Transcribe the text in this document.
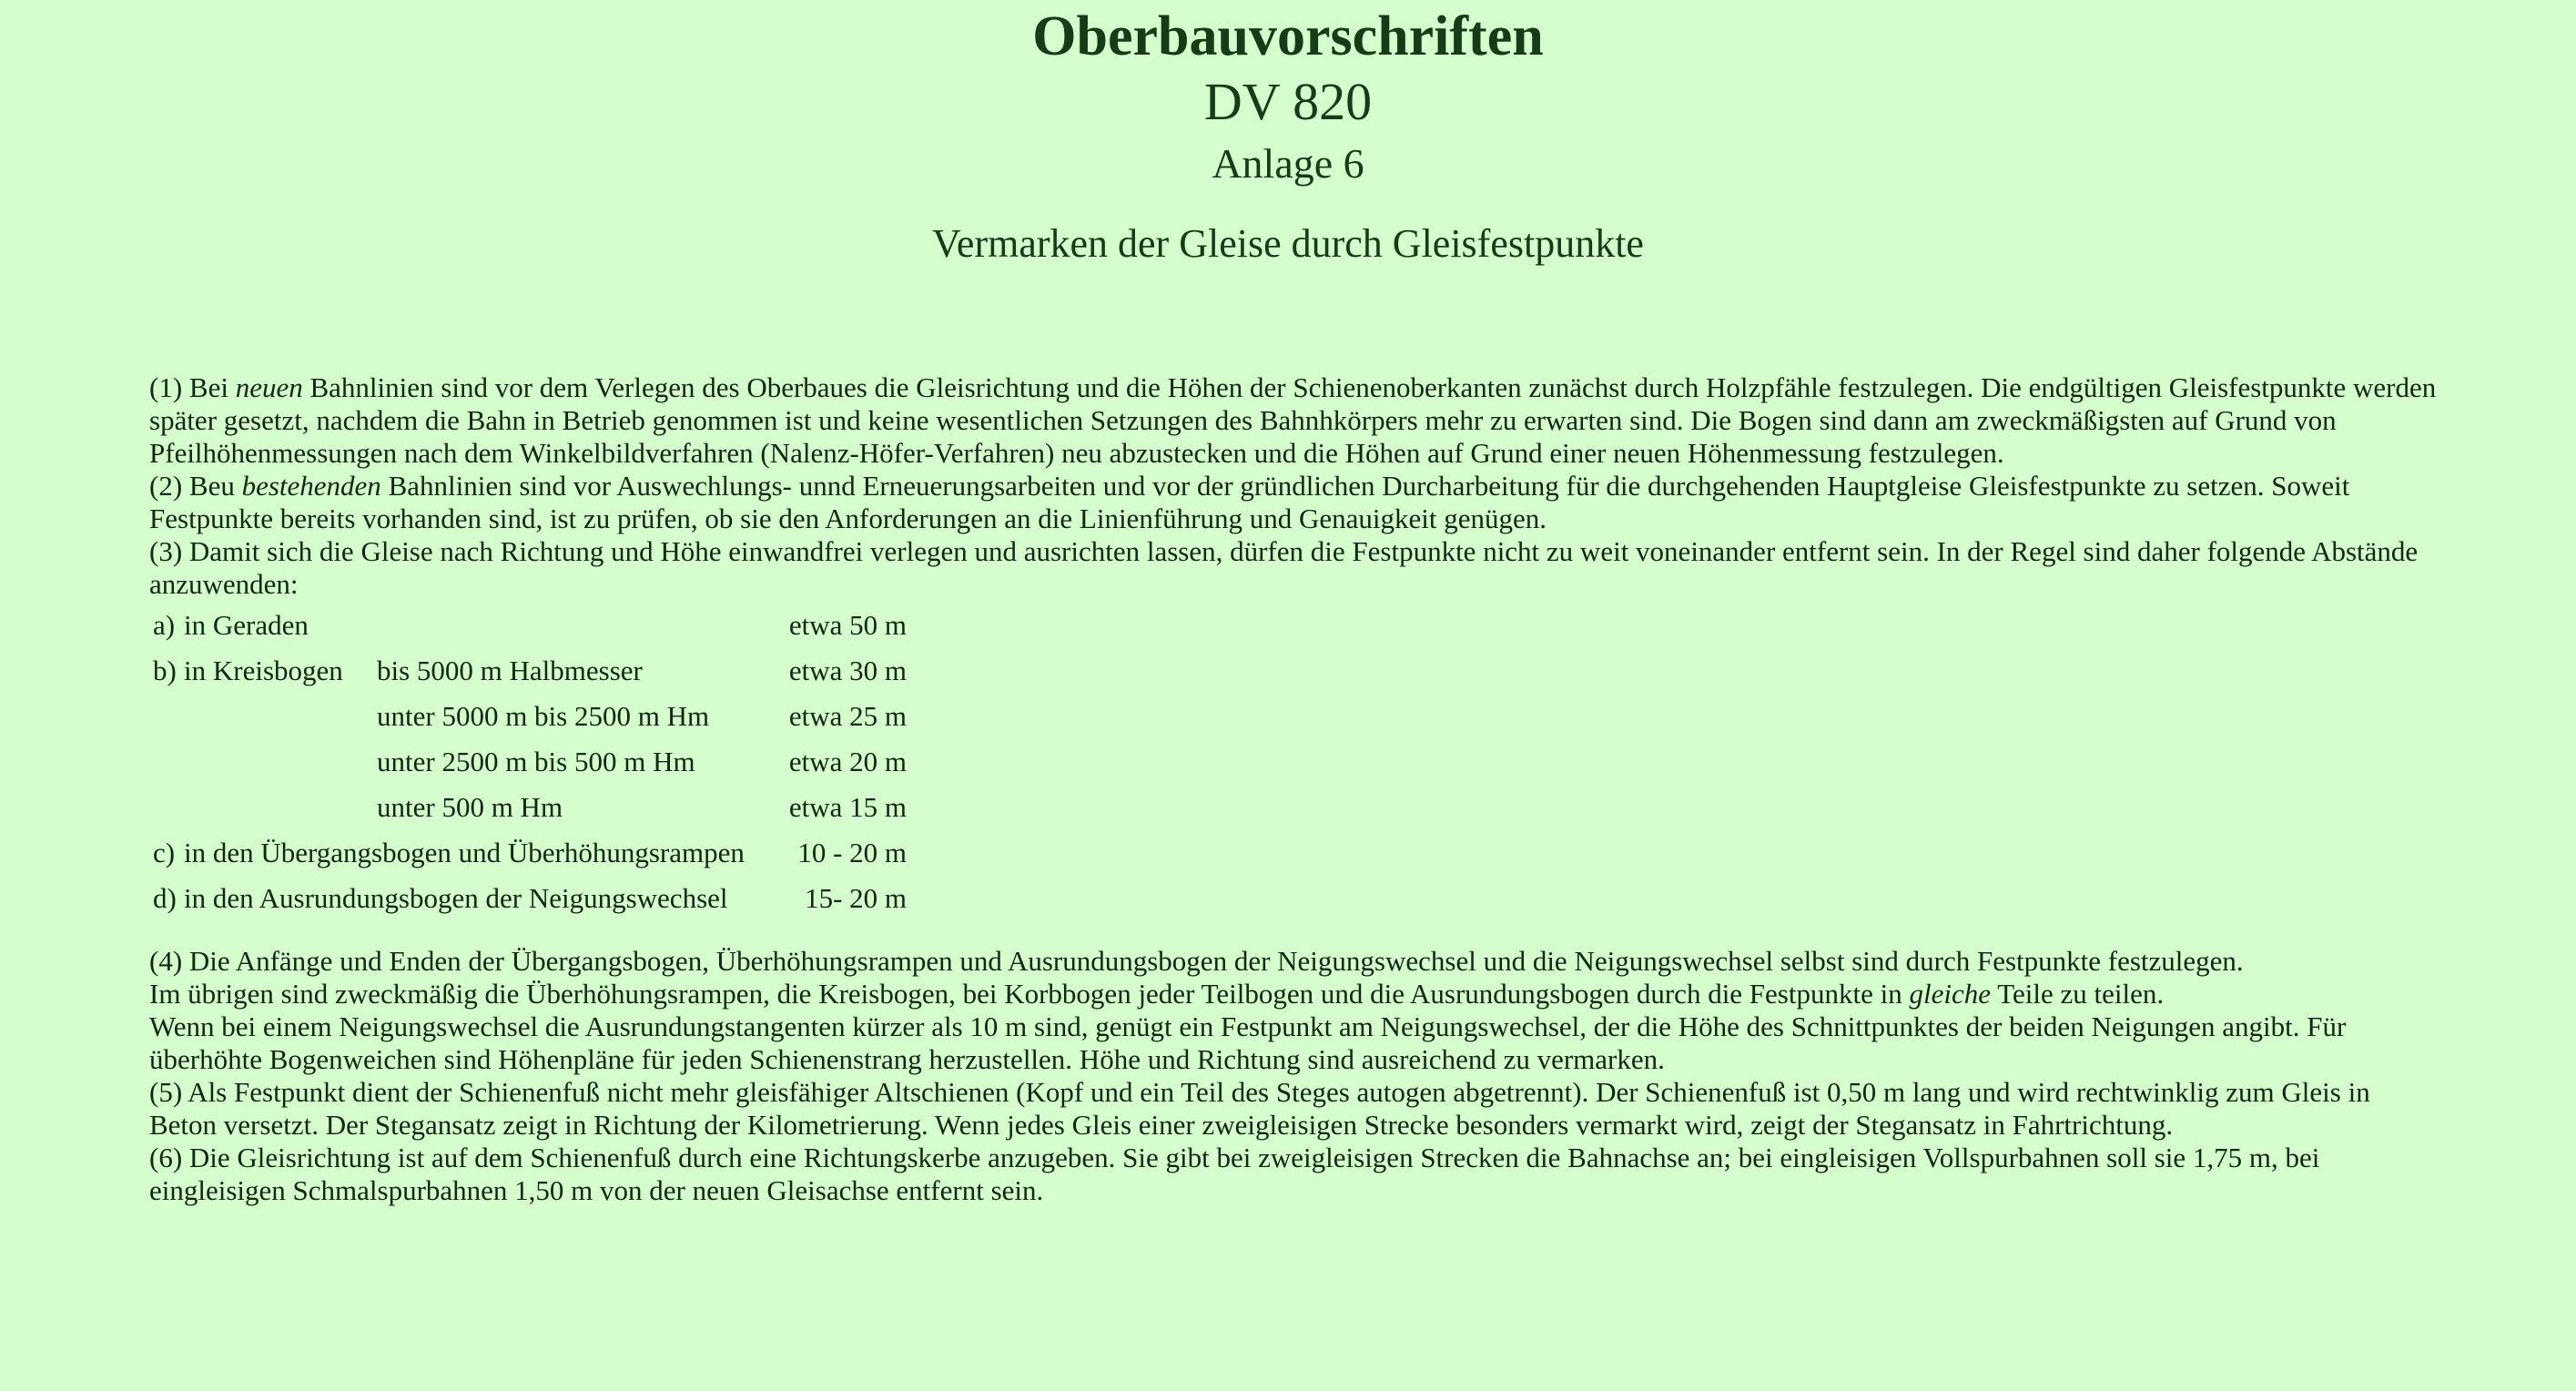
Oberbauvorschriften
DV 820
Anlage 6
Vermarken der Gleise durch Gleisfestpunkte

(1) Bei neuen Bahnlinien sind vor dem Verlegen des Oberbaues die Gleisrichtung und die Höhen der Schienenoberkanten zunächst durch Holzpfähle festzulegen. Die endgültigen Gleisfestpunkte werden später gesetzt, nachdem die Bahn in Betrieb genommen ist und keine wesentlichen Setzungen des Bahnhkörpers mehr zu erwarten sind. Die Bogen sind dann am zweckmäßigsten auf Grund von Pfeilhöhenmessungen nach dem Winkelbildverfahren (Nalenz-Höfer-Verfahren) neu abzustecken und die Höhen auf Grund einer neuen Höhenmessung festzulegen.

(2) Beu bestehenden Bahnlinien sind vor Auswechlungs- unnd Erneuerungsarbeiten und vor der gründlichen Durcharbeitung für die durchgehenden Hauptgleise Gleisfestpunkte zu setzen. Soweit Festpunkte bereits vorhanden sind, ist zu prüfen, ob sie den Anforderungen an die Linienführung und Genauigkeit genügen.

(3) Damit sich die Gleise nach Richtung und Höhe einwandfrei verlegen und ausrichten lassen, dürfen die Festpunkte nicht zu weit voneinander entfernt sein. In der Regel sind daher folgende Abstände anzuwenden:

a)	in Geraden		etwa 50 m
b)	in Kreisbogen	bis 5000 m Halbmesser	etwa 30 m
		unter 5000 m bis 2500 m Hm	etwa 25 m
		unter 2500 m bis 500 m Hm	etwa 20 m
		unter 500 m Hm	etwa 15 m
c)	in den Übergangsbogen und Überhöhungsrampen		10 - 20 m
d)	in den Ausrundungsbogen der Neigungswechsel		15- 20 m

(4) Die Anfänge und Enden der Übergangsbogen, Überhöhungsrampen und Ausrundungsbogen der Neigungswechsel und die Neigungswechsel selbst sind durch Festpunkte festzulegen.

Im übrigen sind zweckmäßig die Überhöhungsrampen, die Kreisbogen, bei Korbbogen jeder Teilbogen und die Ausrundungsbogen durch die Festpunkte in gleiche Teile zu teilen.

Wenn bei einem Neigungswechsel die Ausrundungstangenten kürzer als 10 m sind, genügt ein Festpunkt am Neigungswechsel, der die Höhe des Schnittpunktes der beiden Neigungen angibt. Für überhöhte Bogenweichen sind Höhenpläne für jeden Schienenstrang herzustellen. Höhe und Richtung sind ausreichend zu vermarken.

(5) Als Festpunkt dient der Schienenfuß nicht mehr gleisfähiger Altschienen (Kopf und ein Teil des Steges autogen abgetrennt). Der Schienenfuß ist 0,50 m lang und wird rechtwinklig zum Gleis in Beton versetzt. Der Stegansatz zeigt in Richtung der Kilometrierung. Wenn jedes Gleis einer zweigleisigen Strecke besonders vermarkt wird, zeigt der Stegansatz in Fahrtrichtung.

(6) Die Gleisrichtung ist auf dem Schienenfuß durch eine Richtungskerbe anzugeben. Sie gibt bei zweigleisigen Strecken die Bahnachse an; bei eingleisigen Vollspurbahnen soll sie 1,75 m, bei eingleisigen Schmalspurbahnen 1,50 m von der neuen Gleisachse entfernt sein.
